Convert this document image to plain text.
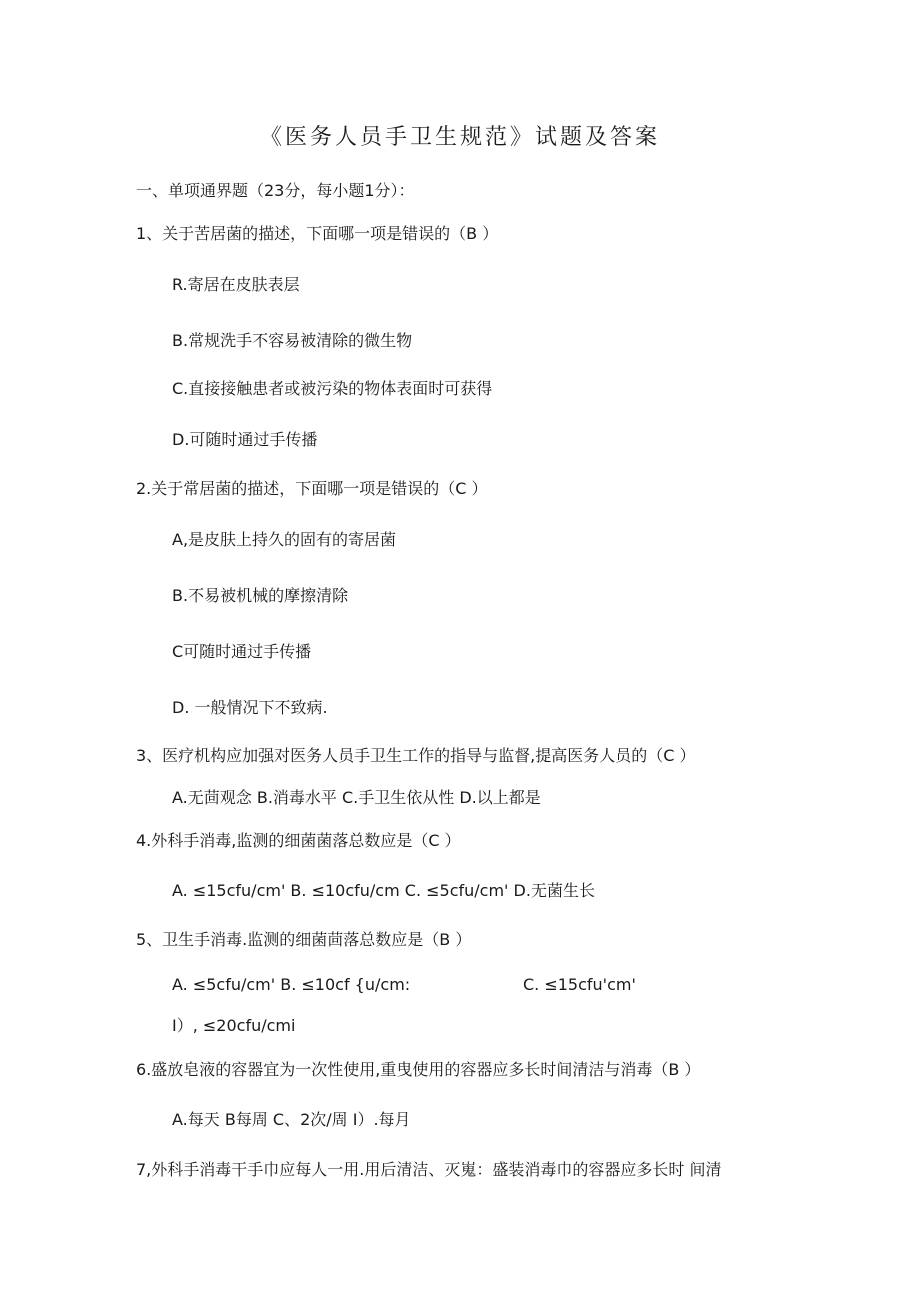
《医务人员手卫生规范》试题及答案
一、单项通界题（23分，每小题1分）：
1、关于苦居菌的描述，下面哪一项是错误的（B ）
R.寄居在皮肤表层
B.常规洗手不容易被清除的微生物
C.直接接触患者或被污染的物体表面时可获得
D.可随时通过手传播
2.关于常居菌的描述，下面哪一项是错误的（C ）
A,是皮肤上持久的固有的寄居菌
B.不易被机械的摩擦清除
C可随时通过手传播
D. 一般情况下不致病.
3、医疗机构应加强对医务人员手卫生工作的指导与监督,提高医务人员的（C ）
A.无茴观念 B.消毒水平 C.手卫生依从性 D.以上都是
4.外科手消毒,监测的细菌菌落总数应是（C ）
A. ≤15cfu∕cm' B. ≤10cfu∕cm C. ≤5cfu∕cm' D.无菌生长
5、卫生手消毒.监测的细菌茴落总数应是（B ）
A. ≤5cfu∕cm' B. ≤10cf {u/cm:	C. ≤15cfu'cm'
I）, ≤20cfu∕cmi
6.盛放皂液的容器宜为一次性使用,重曳使用的容器应多长时间清洁与消毒（B ）
A.每天 B每周 C、2次/周 I）.每月
7,外科手消毒干手巾应每人一用.用后清洁、灭嵬：盛装消毒巾的容器应多长时 间清
